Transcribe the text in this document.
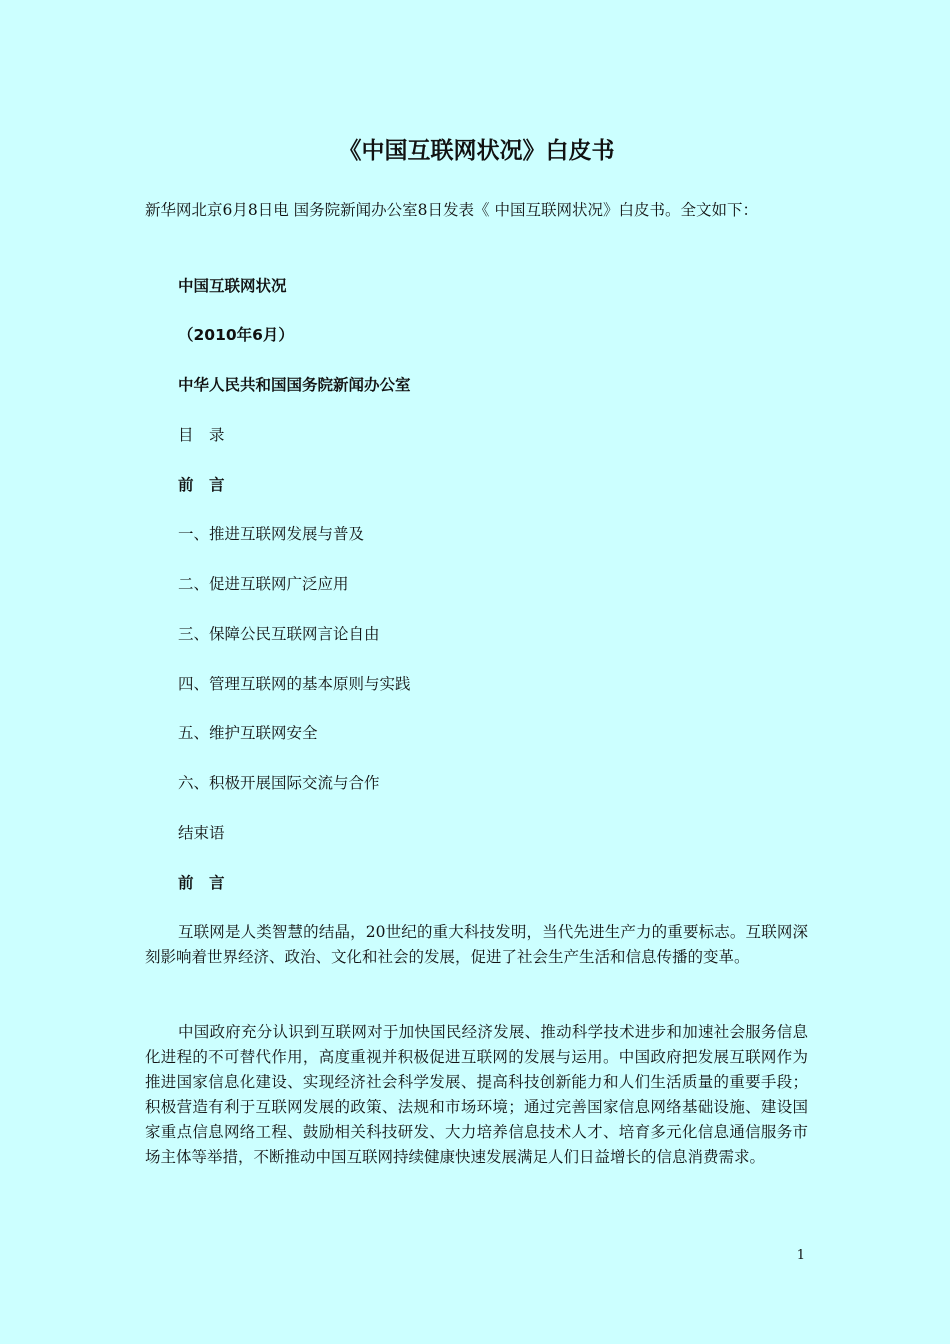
《中国互联网状况》白皮书

新华网北京6月8日电 国务院新闻办公室8日发表《 中国互联网状况》白皮书。全文如下：

中国互联网状况

（2010年6月）

中华人民共和国国务院新闻办公室

目　录

前　言

一、推进互联网发展与普及

二、促进互联网广泛应用

三、保障公民互联网言论自由

四、管理互联网的基本原则与实践

五、维护互联网安全

六、积极开展国际交流与合作

结束语

前　言

互联网是人类智慧的结晶，20世纪的重大科技发明，当代先进生产力的重要标志。互联网深刻影响着世界经济、政治、文化和社会的发展，促进了社会生产生活和信息传播的变革。

中国政府充分认识到互联网对于加快国民经济发展、推动科学技术进步和加速社会服务信息化进程的不可替代作用，高度重视并积极促进互联网的发展与运用。中国政府把发展互联网作为推进国家信息化建设、实现经济社会科学发展、提高科技创新能力和人们生活质量的重要手段；积极营造有利于互联网发展的政策、法规和市场环境；通过完善国家信息网络基础设施、建设国家重点信息网络工程、鼓励相关科技研发、大力培养信息技术人才、培育多元化信息通信服务市场主体等举措，不断推动中国互联网持续健康快速发展满足人们日益增长的信息消费需求。

1
